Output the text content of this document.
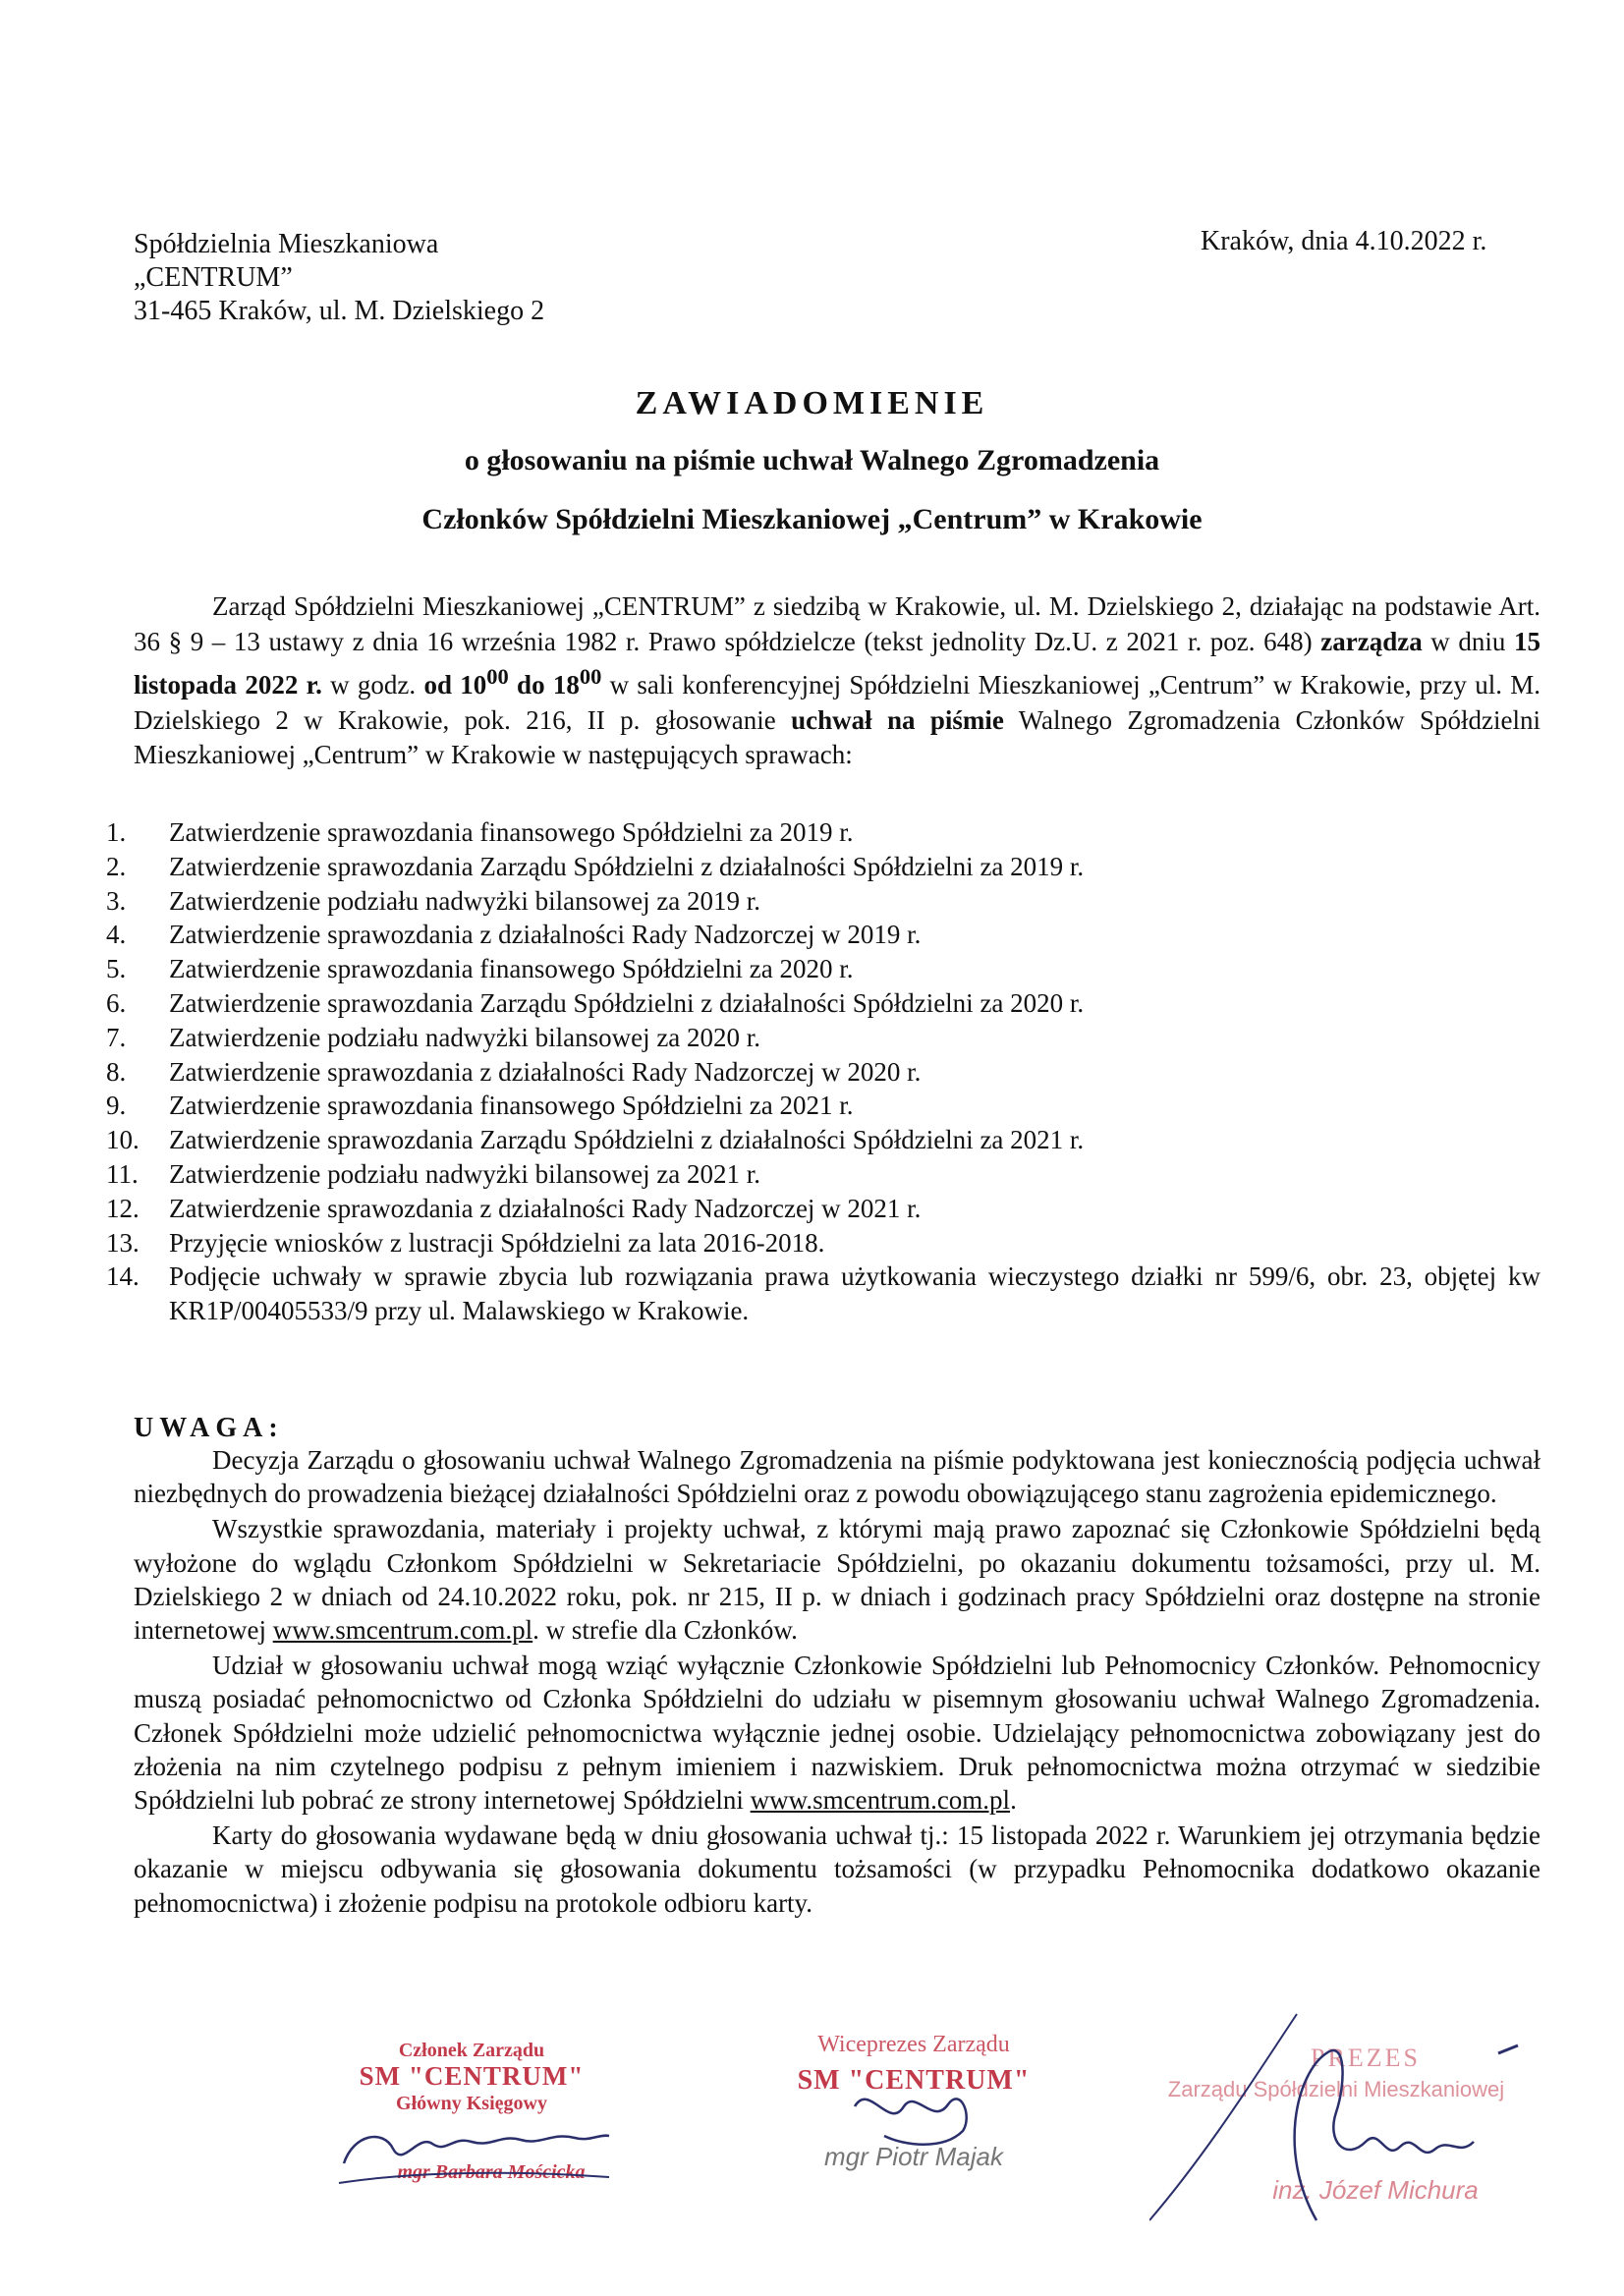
Spółdzielnia Mieszkaniowa
„CENTRUM”
31-465 Kraków, ul. M. Dzielskiego 2
Kraków, dnia 4.10.2022 r.
ZAWIADOMIENIE
o głosowaniu na piśmie uchwał Walnego Zgromadzenia
Członków Spółdzielni Mieszkaniowej „Centrum” w Krakowie

Zarząd Spółdzielni Mieszkaniowej „CENTRUM” z siedzibą w Krakowie, ul. M. Dzielskiego 2, działając na podstawie Art. 36 § 9 – 13 ustawy z dnia 16 września 1982 r. Prawo spółdzielcze (tekst jednolity Dz.U. z 2021 r. poz. 648) zarządza w dniu 15 listopada 2022 r. w godz. od $10^{00}$ do $18^{00}$ w sali konferencyjnej Spółdzielni Mieszkaniowej „Centrum” w Krakowie, przy ul. M. Dzielskiego 2 w Krakowie, pok. 216, II p. głosowanie uchwał na piśmie Walnego Zgromadzenia Członków Spółdzielni Mieszkaniowej „Centrum” w Krakowie w następujących sprawach:

1.	Zatwierdzenie sprawozdania finansowego Spółdzielni za 2019 r.
2.	Zatwierdzenie sprawozdania Zarządu Spółdzielni z działalności Spółdzielni za 2019 r.
3.	Zatwierdzenie podziału nadwyżki bilansowej za 2019 r.
4.	Zatwierdzenie sprawozdania z działalności Rady Nadzorczej w 2019 r.
5.	Zatwierdzenie sprawozdania finansowego Spółdzielni za 2020 r.
6.	Zatwierdzenie sprawozdania Zarządu Spółdzielni z działalności Spółdzielni za 2020 r.
7.	Zatwierdzenie podziału nadwyżki bilansowej za 2020 r.
8.	Zatwierdzenie sprawozdania z działalności Rady Nadzorczej w 2020 r.
9.	Zatwierdzenie sprawozdania finansowego Spółdzielni za 2021 r.
10.	Zatwierdzenie sprawozdania Zarządu Spółdzielni z działalności Spółdzielni za 2021 r.
11.	Zatwierdzenie podziału nadwyżki bilansowej za 2021 r.
12.	Zatwierdzenie sprawozdania z działalności Rady Nadzorczej w 2021 r.
13.	Przyjęcie wniosków z lustracji Spółdzielni za lata 2016-2018.
14.	Podjęcie uchwały w sprawie zbycia lub rozwiązania prawa użytkowania wieczystego działki nr 599/6, obr. 23, objętej kw KR1P/00405533/9 przy ul. Malawskiego w Krakowie.
UWAGA:

Decyzja Zarządu o głosowaniu uchwał Walnego Zgromadzenia na piśmie podyktowana jest koniecznością podjęcia uchwał niezbędnych do prowadzenia bieżącej działalności Spółdzielni oraz z powodu obowiązującego stanu zagrożenia epidemicznego.

Wszystkie sprawozdania, materiały i projekty uchwał, z którymi mają prawo zapoznać się Członkowie Spółdzielni będą wyłożone do wglądu Członkom Spółdzielni w Sekretariacie Spółdzielni, po okazaniu dokumentu tożsamości, przy ul. M. Dzielskiego 2 w dniach od 24.10.2022 roku, pok. nr 215, II p. w dniach i godzinach pracy Spółdzielni oraz dostępne na stronie internetowej www.smcentrum.com.pl. w strefie dla Członków.

Udział w głosowaniu uchwał mogą wziąć wyłącznie Członkowie Spółdzielni lub Pełnomocnicy Członków. Pełnomocnicy muszą posiadać pełnomocnictwo od Członka Spółdzielni do udziału w pisemnym głosowaniu uchwał Walnego Zgromadzenia. Członek Spółdzielni może udzielić pełnomocnictwa wyłącznie jednej osobie. Udzielający pełnomocnictwa zobowiązany jest do złożenia na nim czytelnego podpisu z pełnym imieniem i nazwiskiem. Druk pełnomocnictwa można otrzymać w siedzibie Spółdzielni lub pobrać ze strony internetowej Spółdzielni www.smcentrum.com.pl.

Karty do głosowania wydawane będą w dniu głosowania uchwał tj.: 15 listopada 2022 r. Warunkiem jej otrzymania będzie okazanie w miejscu odbywania się głosowania dokumentu tożsamości (w przypadku Pełnomocnika dodatkowo okazanie pełnomocnictwa) i złożenie podpisu na protokole odbioru karty.

Członek Zarządu
SM "CENTRUM"
Główny Księgowy
mgr Barbara Mościcka
Wiceprezes Zarządu
SM "CENTRUM"
mgr Piotr Majak
PREZES
Zarządu Spółdzielni Mieszkaniowej
inż. Józef Michura
